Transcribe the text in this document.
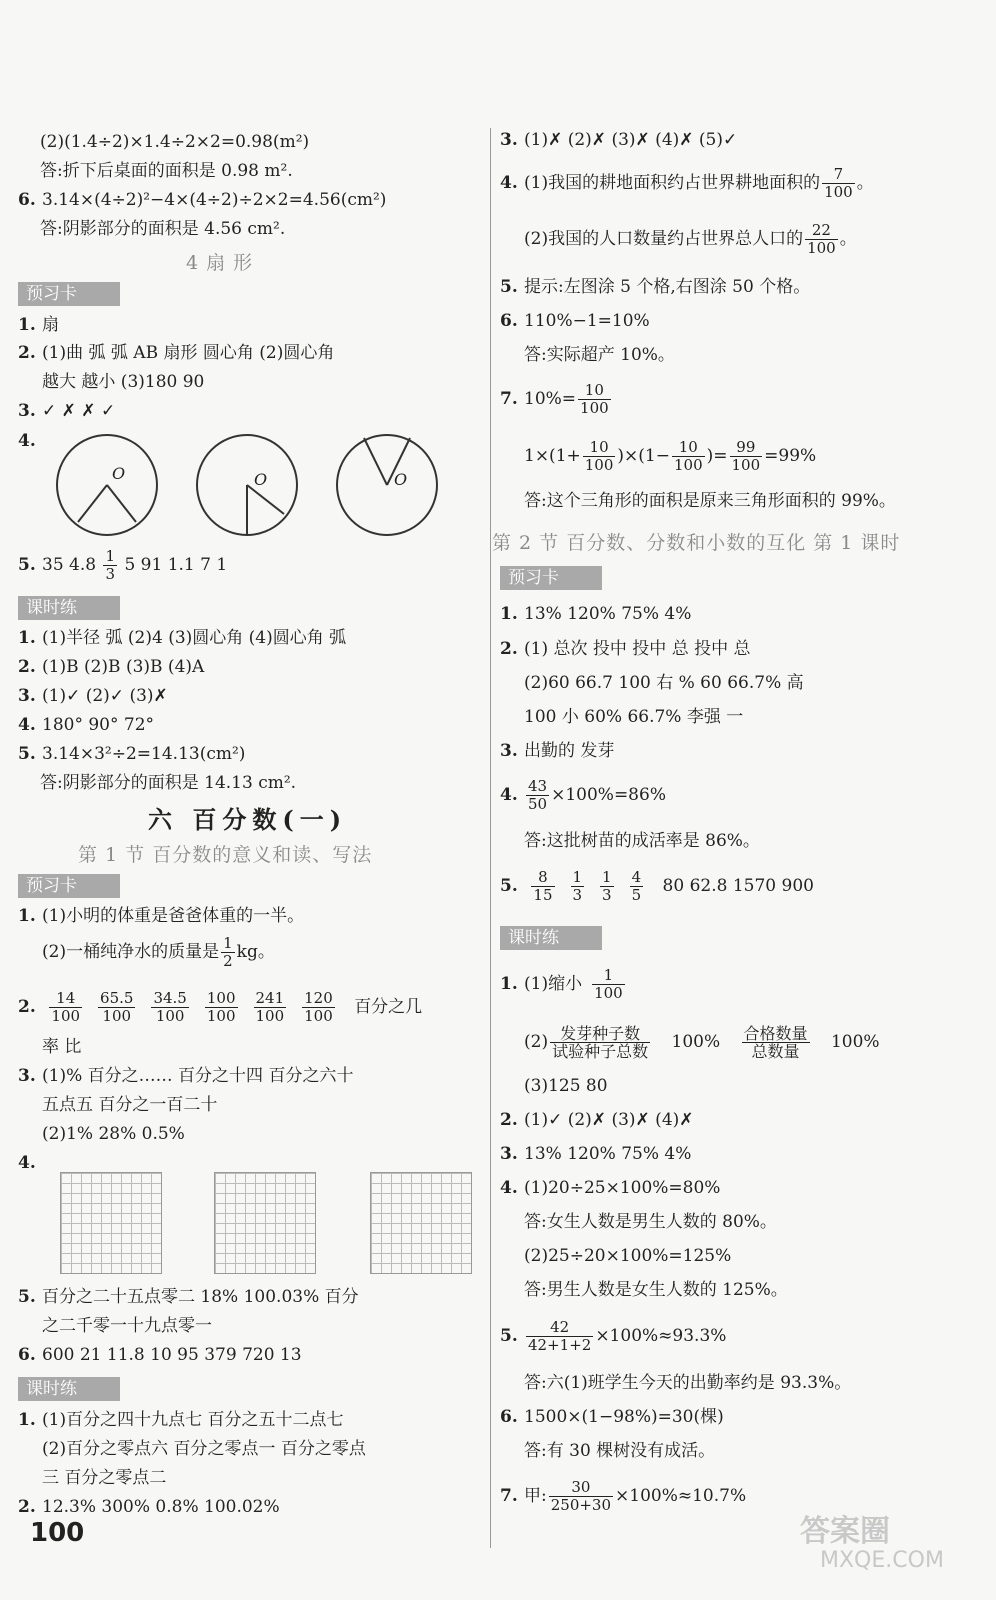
(2)(1.4÷2)×1.4÷2×2=0.98(m²)
答:折下后桌面的面积是 0.98 m².
6. 3.14×(4÷2)²−4×(4÷2)÷2×2=4.56(cm²)
答:阴影部分的面积是 4.56 cm².
4 扇 形
预习卡
1. 扇
2. (1)曲 弧 弧 AB 扇形 圆心角 (2)圆心角
越大 越小 (3)180 90
3. ✓ ✗ ✗ ✓
4.
O	O	O
5. 35 $4.8 \frac{1}{3} 5$ 91 1.1 7 1
课时练
1. (1)半径 弧 (2)4 (3)圆心角 (4)圆心角 弧
2. (1)B (2)B (3)B (4)A
3. (1)✓ (2)✓ (3)✗
4. 180° 90° 72°
5. 3.14×3²÷2=14.13(cm²)
答:阴影部分的面积是 14.13 cm².
六 百分数(一)
第 1 节 百分数的意义和读、写法
预习卡
1. (1)小明的体重是爸爸体重的一半。
(2)一桶纯净水的质量是 $\frac{1}{2}$ kg。
2. $\frac{14}{100} \frac{65.5}{100} \frac{34.5}{100} \frac{100}{100} \frac{241}{100} \frac{120}{100}$ 百分之几
率 比
3. (1)% 百分之…… 百分之十四 百分之六十
五点五 百分之一百二十
(2)1% 28% 0.5%
4.
5. 百分之二十五点零二 18% 100.03% 百分
之二千零一十九点零一
6. 600 21 11.8 10 95 379 720 13
课时练
1. (1)百分之四十九点七 百分之五十二点七
(2)百分之零点六 百分之零点一 百分之零点
三 百分之零点二
2. 12.3% 300% 0.8% 100.02%
3. (1)✗ (2)✗ (3)✗ (4)✗ (5)✓
4. (1)我国的耕地面积约占世界耕地面积的 $\frac{7}{100}$ 。
(2)我国的人口数量约占世界总人口的 $\frac{22}{100}$ 。
5. 提示:左图涂 5 个格,右图涂 50 个格。
6. 110%−1=10%
答:实际超产 10%。
7. $10\%= \frac{10}{100}$
$1\times(1+ \frac{10}{100} )\times(1- \frac{10}{100}$ )= $\frac{99}{100} =99\%$
答:这个三角形的面积是原来三角形面积的 99%。
第 2 节 百分数、分数和小数的互化 第 1 课时
预习卡
1. 13% 120% 75% 4%
2. (1) 总次 投中 投中 总 投中 总
(2)60 66.7 100 右 % 60 66.7% 高
100 小 60% 66.7% 李强 一
3. 出勤的 发芽
4. $\frac{43}{50} \times 100\%=86\%$
答:这批树苗的成活率是 86%。
5. $\frac{8}{15} \frac{1}{3} \frac{1}{3} \frac{4}{5} 80$ 62.8 1570 900
课时练
1. (1)缩小 $\frac{1}{100}$
$(2) \frac{\text{发芽种子数}}{\text{试验种子总数}} 100\% \frac{\text{合格数量}}{\text{总数量}} 100\%$
(3)125 80
2. (1)✓ (2)✗ (3)✗ (4)✗
3. 13% 120% 75% 4%
4. (1)20÷25×100%=80%
答:女生人数是男生人数的 80%。
(2)25÷20×100%=125%
答:男生人数是女生人数的 125%。
5. $\frac{42}{42+1+2} \times 100\%\approx 93.3\%$
答:六(1)班学生今天的出勤率约是 93.3%。
6. 1500×(1−98%)=30(棵)
答:有 30 棵树没有成活。
7. 甲: $\frac{30}{250+30} \times 100\%\approx 10.7\%$
100	答案圈
MXQE.COM
